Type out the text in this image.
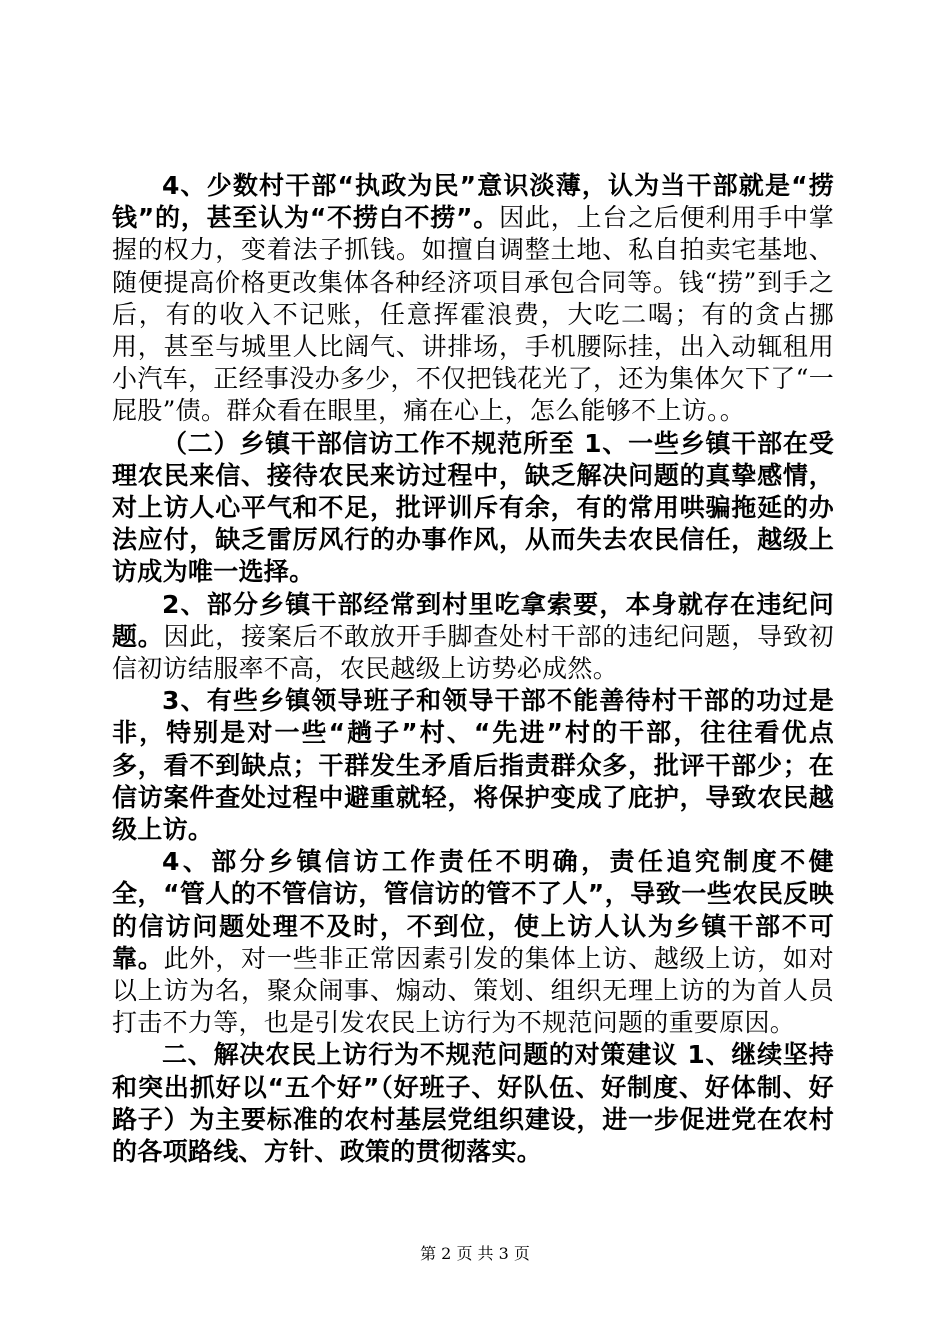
4、少数村干部“执政为民”意识淡薄，认为当干部就是“捞钱”的，甚至认为“不捞白不捞”。因此，上台之后便利用手中掌握的权力，变着法子抓钱。如擅自调整土地、私自拍卖宅基地、随便提高价格更改集体各种经济项目承包合同等。钱“捞”到手之后，有的收入不记账，任意挥霍浪费，大吃二喝；有的贪占挪用，甚至与城里人比阔气、讲排场，手机腰际挂，出入动辄租用小汽车，正经事没办多少，不仅把钱花光了，还为集体欠下了“一屁股”债。群众看在眼里，痛在心上，怎么能够不上访。。

（二）乡镇干部信访工作不规范所至 1、一些乡镇干部在受理农民来信、接待农民来访过程中，缺乏解决问题的真挚感情，对上访人心平气和不足，批评训斥有余，有的常用哄骗拖延的办法应付，缺乏雷厉风行的办事作风，从而失去农民信任，越级上访成为唯一选择。

2、部分乡镇干部经常到村里吃拿索要，本身就存在违纪问题。因此，接案后不敢放开手脚查处村干部的违纪问题，导致初信初访结服率不高，农民越级上访势必成然。

3、有些乡镇领导班子和领导干部不能善待村干部的功过是非，特别是对一些“趟子”村、“先进”村的干部，往往看优点多，看不到缺点；干群发生矛盾后指责群众多，批评干部少；在信访案件查处过程中避重就轻，将保护变成了庇护，导致农民越级上访。

4、部分乡镇信访工作责任不明确，责任追究制度不健全，“管人的不管信访，管信访的管不了人”，导致一些农民反映的信访问题处理不及时，不到位，使上访人认为乡镇干部不可靠。此外，对一些非正常因素引发的集体上访、越级上访，如对以上访为名，聚众闹事、煽动、策划、组织无理上访的为首人员打击不力等，也是引发农民上访行为不规范问题的重要原因。

二、解决农民上访行为不规范问题的对策建议 1、继续坚持和突出抓好以“五个好”（好班子、好队伍、好制度、好体制、好路子）为主要标准的农村基层党组织建设，进一步促进党在农村的各项路线、方针、政策的贯彻落实。

第 2 页 共 3 页
